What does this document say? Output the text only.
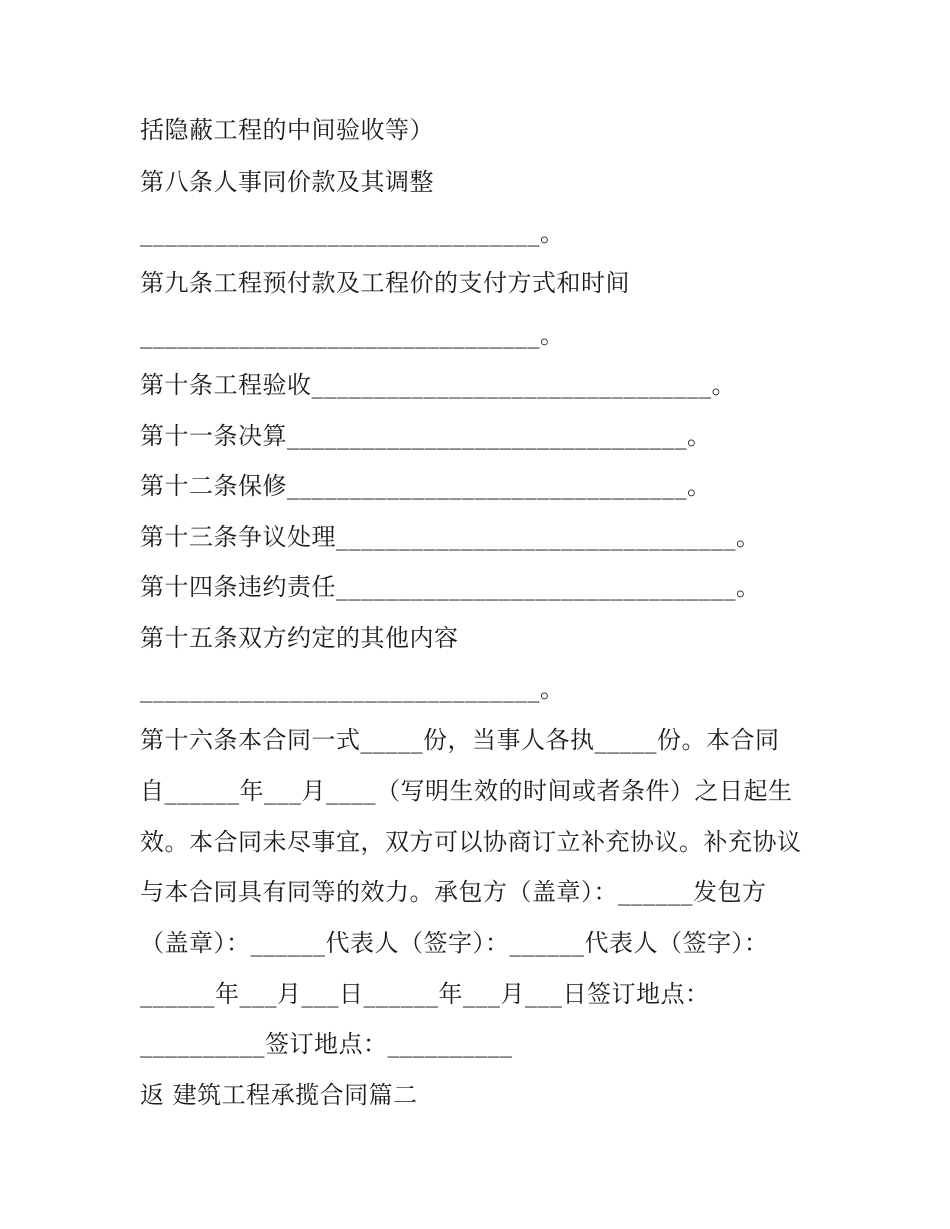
括隐蔽工程的中间验收等）
第八条人事同价款及其调整
________________________________。
第九条工程预付款及工程价的支付方式和时间
________________________________。
第十条工程验收________________________________。
第十一条决算________________________________。
第十二条保修________________________________。
第十三条争议处理________________________________。
第十四条违约责任________________________________。
第十五条双方约定的其他内容
________________________________。
第十六条本合同一式_____份，当事人各执_____份。本合同
自______年___月____（写明生效的时间或者条件）之日起生
效。本合同未尽事宜，双方可以协商订立补充协议。补充协议
与本合同具有同等的效力。承包方（盖章）：______发包方
（盖章）：______代表人（签字）：______代表人（签字）：
______年___月___日______年___月___日签订地点：
__________签订地点：__________
返 建筑工程承揽合同篇二
